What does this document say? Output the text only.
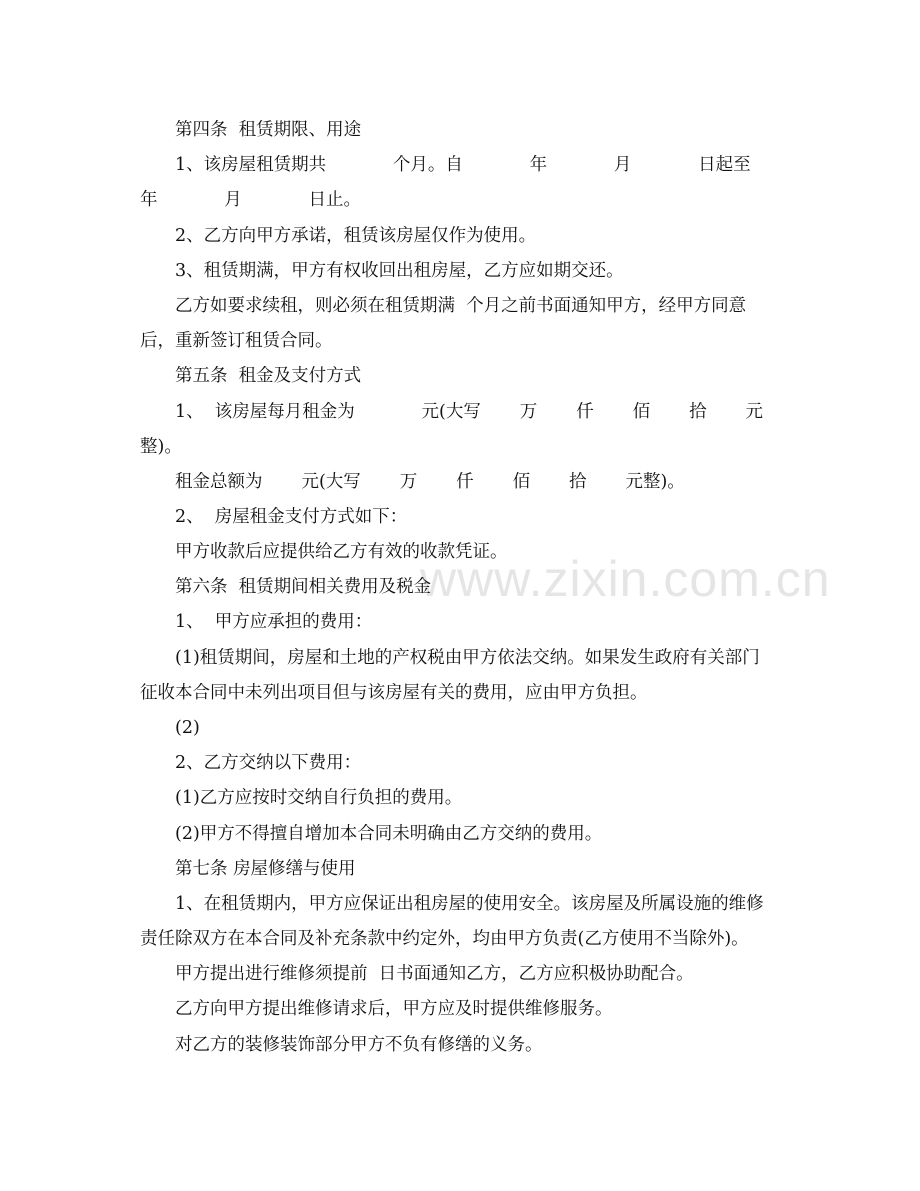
www.zixin.com.cn
第四条  租赁期限、用途
1、该房屋租赁期共            个月。自            年            月            日起至
年            月            日止。
2、乙方向甲方承诺，租赁该房屋仅作为使用。
3、租赁期满，甲方有权收回出租房屋，乙方应如期交还。
乙方如要求续租，则必须在租赁期满  个月之前书面通知甲方，经甲方同意
后，重新签订租赁合同。
第五条  租金及支付方式
1、  该房屋每月租金为            元(大写       万       仟       佰       拾       元
整)。
租金总额为       元(大写       万       仟       佰       拾       元整)。
2、  房屋租金支付方式如下：
甲方收款后应提供给乙方有效的收款凭证。
第六条  租赁期间相关费用及税金
1、  甲方应承担的费用：
(1)租赁期间，房屋和土地的产权税由甲方依法交纳。如果发生政府有关部门
征收本合同中未列出项目但与该房屋有关的费用，应由甲方负担。
(2)
2、乙方交纳以下费用：
(1)乙方应按时交纳自行负担的费用。
(2)甲方不得擅自增加本合同未明确由乙方交纳的费用。
第七条 房屋修缮与使用
1、在租赁期内，甲方应保证出租房屋的使用安全。该房屋及所属设施的维修
责任除双方在本合同及补充条款中约定外，均由甲方负责(乙方使用不当除外)。
甲方提出进行维修须提前  日书面通知乙方，乙方应积极协助配合。
乙方向甲方提出维修请求后，甲方应及时提供维修服务。
对乙方的装修装饰部分甲方不负有修缮的义务。
